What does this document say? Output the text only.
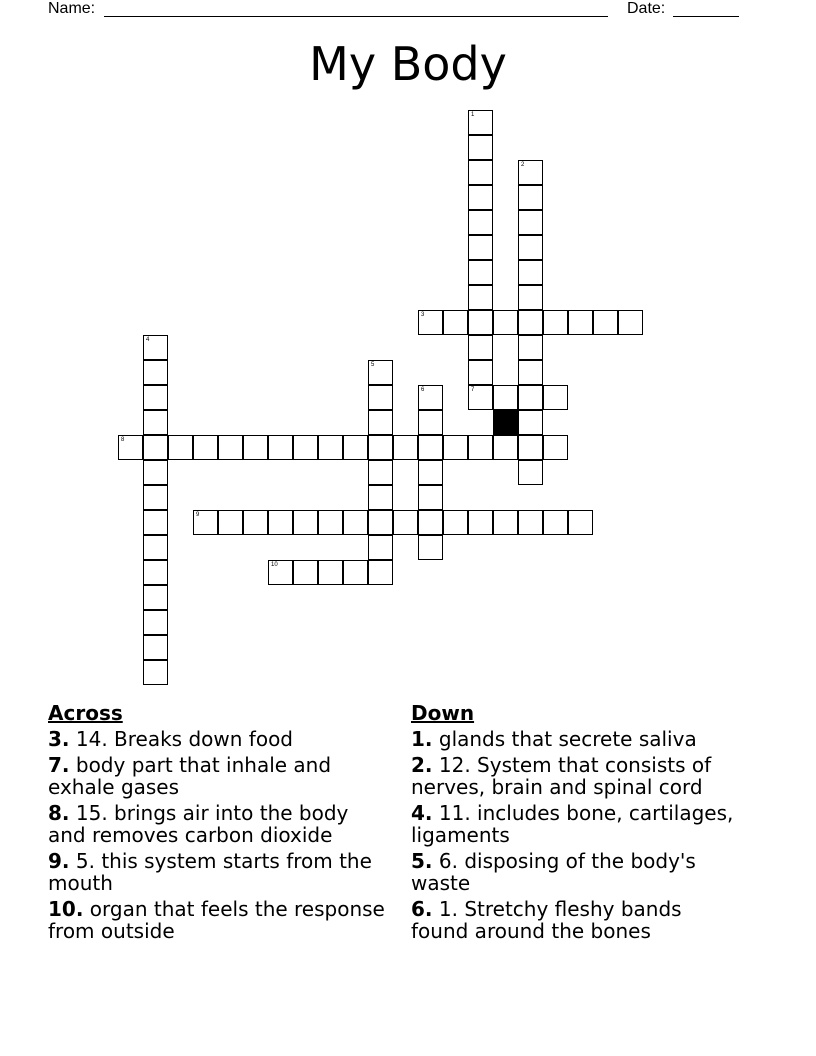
Name:	Date:
My Body
1
7
2
3
4
5
6
8
9
10
Across
3. 14. Breaks down food
7. body part that inhale and exhale gases
8. 15. brings air into the body and removes carbon dioxide
9. 5. this system starts from the mouth
10. organ that feels the response from outside
Down
1. glands that secrete saliva
2. 12. System that consists of nerves, brain and spinal cord
4. 11. includes bone, cartilages, ligaments
5. 6. disposing of the body's waste
6. 1. Stretchy fleshy bands found around the bones
